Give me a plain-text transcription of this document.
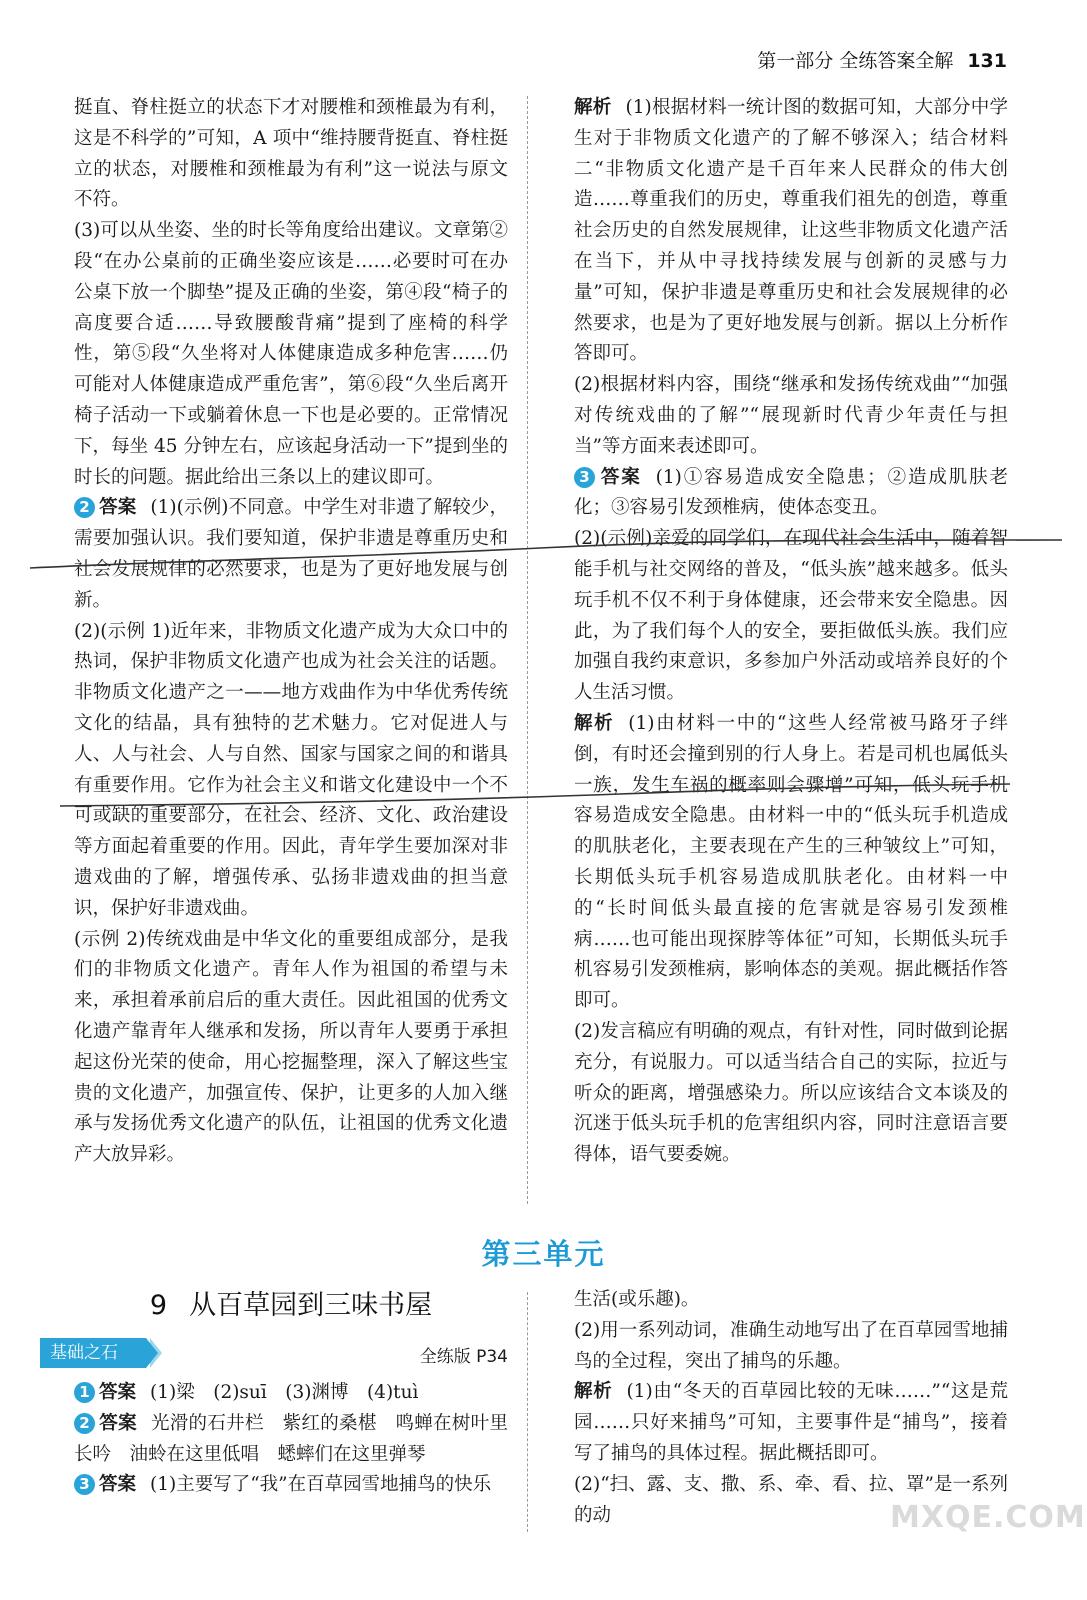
第一部分 全练答案全解 131

挺直、脊柱挺立的状态下才对腰椎和颈椎最为有利，这是不科学的”可知，A 项中“维持腰背挺直、脊柱挺立的状态，对腰椎和颈椎最为有利”这一说法与原文不符。

(3)可以从坐姿、坐的时长等角度给出建议。文章第②段“在办公桌前的正确坐姿应该是……必要时可在办公桌下放一个脚垫”提及正确的坐姿，第④段“椅子的高度要合适……导致腰酸背痛”提到了座椅的科学性，第⑤段“久坐将对人体健康造成多种危害……仍可能对人体健康造成严重危害”，第⑥段“久坐后离开椅子活动一下或躺着休息一下也是必要的。正常情况下，每坐 45 分钟左右，应该起身活动一下”提到坐的时长的问题。据此给出三条以上的建议即可。

2 答案 (1)(示例)不同意。中学生对非遗了解较少，需要加强认识。我们要知道，保护非遗是尊重历史和社会发展规律的必然要求，也是为了更好地发展与创新。

(2)(示例 1)近年来，非物质文化遗产成为大众口中的热词，保护非物质文化遗产也成为社会关注的话题。非物质文化遗产之一——地方戏曲作为中华优秀传统文化的结晶，具有独特的艺术魅力。它对促进人与人、人与社会、人与自然、国家与国家之间的和谐具有重要作用。它作为社会主义和谐文化建设中一个不可或缺的重要部分，在社会、经济、文化、政治建设等方面起着重要的作用。因此，青年学生要加深对非遗戏曲的了解，增强传承、弘扬非遗戏曲的担当意识，保护好非遗戏曲。

(示例 2)传统戏曲是中华文化的重要组成部分，是我们的非物质文化遗产。青年人作为祖国的希望与未来，承担着承前启后的重大责任。因此祖国的优秀文化遗产靠青年人继承和发扬，所以青年人要勇于承担起这份光荣的使命，用心挖掘整理，深入了解这些宝贵的文化遗产，加强宣传、保护，让更多的人加入继承与发扬优秀文化遗产的队伍，让祖国的优秀文化遗产大放异彩。

解析 (1)根据材料一统计图的数据可知，大部分中学生对于非物质文化遗产的了解不够深入；结合材料二“非物质文化遗产是千百年来人民群众的伟大创造……尊重我们的历史，尊重我们祖先的创造，尊重社会历史的自然发展规律，让这些非物质文化遗产活在当下，并从中寻找持续发展与创新的灵感与力量”可知，保护非遗是尊重历史和社会发展规律的必然要求，也是为了更好地发展与创新。据以上分析作答即可。

(2)根据材料内容，围绕“继承和发扬传统戏曲”“加强对传统戏曲的了解”“展现新时代青少年责任与担当”等方面来表述即可。

3 答案 (1)①容易造成安全隐患；②造成肌肤老化；③容易引发颈椎病，使体态变丑。

(2)(示例)亲爱的同学们，在现代社会生活中，随着智能手机与社交网络的普及，“低头族”越来越多。低头玩手机不仅不利于身体健康，还会带来安全隐患。因此，为了我们每个人的安全，要拒做低头族。我们应加强自我约束意识，多参加户外活动或培养良好的个人生活习惯。

解析 (1)由材料一中的“这些人经常被马路牙子绊倒，有时还会撞到别的行人身上。若是司机也属低头一族，发生车祸的概率则会骤增”可知，低头玩手机容易造成安全隐患。由材料一中的“低头玩手机造成的肌肤老化，主要表现在产生的三种皱纹上”可知，长期低头玩手机容易造成肌肤老化。由材料一中的“长时间低头最直接的危害就是容易引发颈椎病……也可能出现探脖等体征”可知，长期低头玩手机容易引发颈椎病，影响体态的美观。据此概括作答即可。

(2)发言稿应有明确的观点，有针对性，同时做到论据充分，有说服力。可以适当结合自己的实际，拉近与听众的距离，增强感染力。所以应该结合文本谈及的沉迷于低头玩手机的危害组织内容，同时注意语言要得体，语气要委婉。

第三单元
9 从百草园到三味书屋
基础之石	全练版 P34

1 答案 (1)梁　(2)suī　(3)渊博　(4)tuì

2 答案 光滑的石井栏　紫红的桑椹　鸣蝉在树叶里长吟　油蛉在这里低唱　蟋蟀们在这里弹琴

3 答案 (1)主要写了“我”在百草园雪地捕鸟的快乐

生活(或乐趣)。

(2)用一系列动词，准确生动地写出了在百草园雪地捕鸟的全过程，突出了捕鸟的乐趣。

解析 (1)由“冬天的百草园比较的无味……”“这是荒园……只好来捕鸟”可知，主要事件是“捕鸟”，接着写了捕鸟的具体过程。据此概括即可。

(2)“扫、露、支、撒、系、牵、看、拉、罩”是一系列的动	MXQE.COM
